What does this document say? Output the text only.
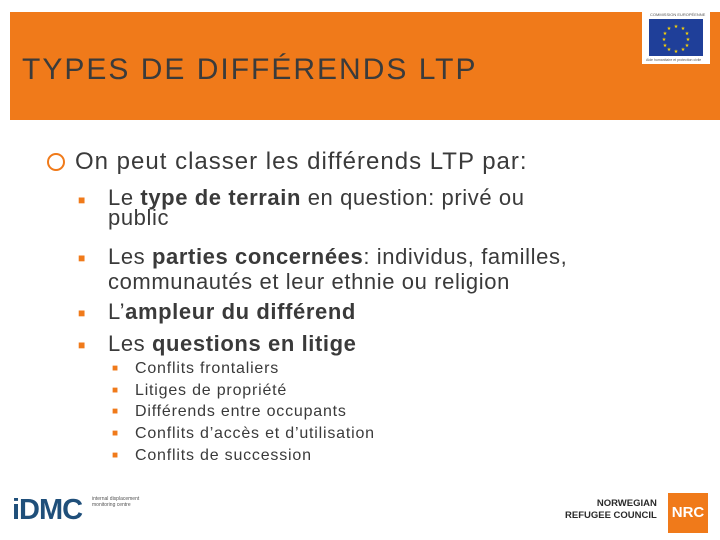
TYPES DE DIFFÉRENDS LTP
COMMISSION EUROPÉENNE
★ ★
★
★
★
★
★
★
★
★
★
★
Aide humanitaire et protection civile
On peut classer les différends LTP par:
■ Le type de terrain en question: privé ou
public
■ Les parties concernées: individus, familles,
communautés et leur ethnie ou religion
■ L’ampleur du différend
■ Les questions en litige
■ Conflits frontaliers
■ Litiges de propriété
■ Différends entre occupants
■ Conflits d’accès et d’utilisation
■ Conflits de succession
iDMC internal displacement monitoring centre	NORWEGIAN
REFUGEE COUNCIL NRC
